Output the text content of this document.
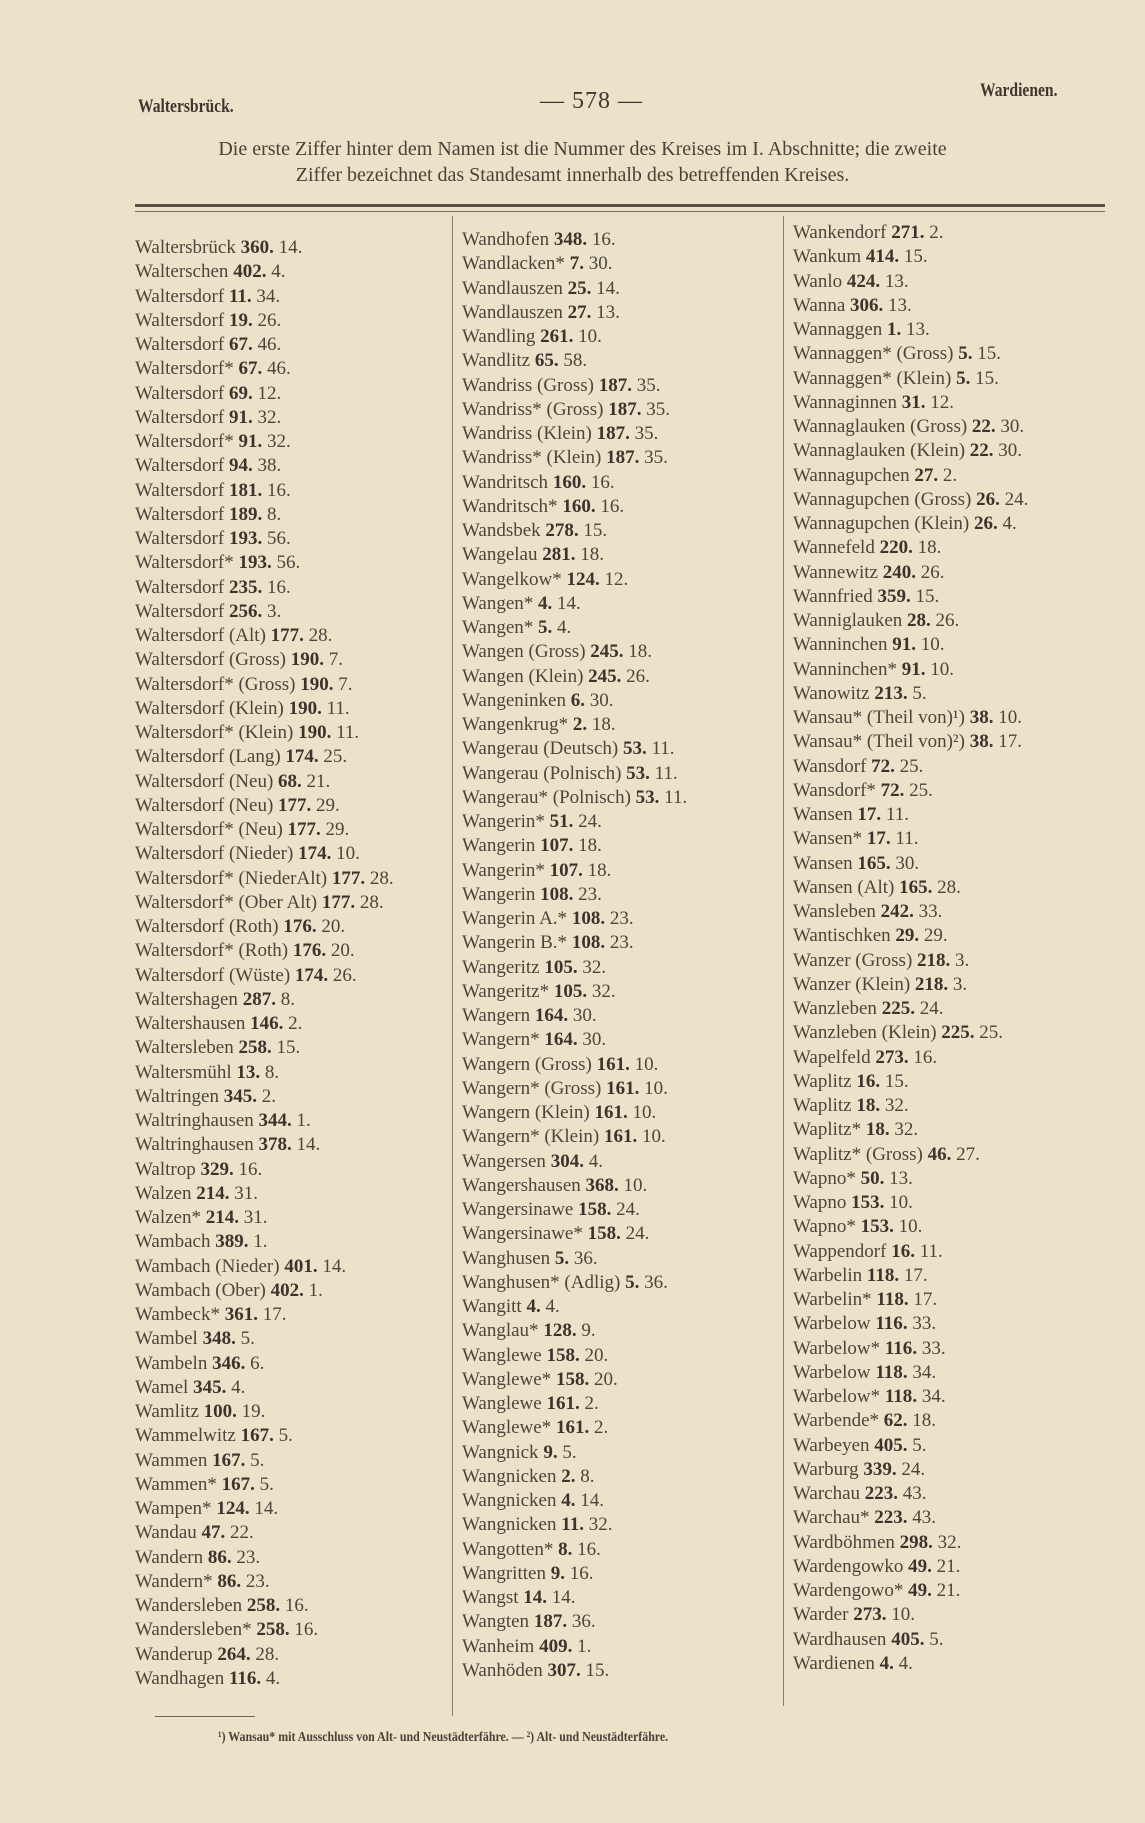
Waltersbrück.	— 578 —	Wardienen.
Die erste Ziffer hinter dem Namen ist die Nummer des Kreises im I. Abschnitte; die zweite
Ziffer bezeichnet das Standesamt innerhalb des betreffenden Kreises.
Waltersbrück 360 . 14 .
Walterschen 402 . 4 .
Waltersdorf 11 . 34 .
Waltersdorf 19 . 26 .
Waltersdorf 67 . 46 .
Waltersdorf* 67 . 46 .
Waltersdorf 69 . 12 .
Waltersdorf 91 . 32 .
Waltersdorf* 91 . 32 .
Waltersdorf 94 . 38 .
Waltersdorf 181 . 16 .
Waltersdorf 189 . 8 .
Waltersdorf 193 . 56 .
Waltersdorf* 193 . 56 .
Waltersdorf 235 . 16 .
Waltersdorf 256 . 3 .
Waltersdorf (Alt) 177 . 28 .
Waltersdorf (Gross) 190 . 7 .
Waltersdorf* (Gross) 190 . 7 .
Waltersdorf (Klein) 190 . 11 .
Waltersdorf* (Klein) 190 . 11 .
Waltersdorf (Lang) 174 . 25 .
Waltersdorf (Neu) 68 . 21 .
Waltersdorf (Neu) 177 . 29 .
Waltersdorf* (Neu) 177 . 29 .
Waltersdorf (Nieder) 174 . 10 .
Waltersdorf* (NiederAlt) 177 . 28 .
Waltersdorf* (Ober Alt) 177 . 28 .
Waltersdorf (Roth) 176 . 20 .
Waltersdorf* (Roth) 176 . 20 .
Waltersdorf (Wüste) 174 . 26 .
Waltershagen 287 . 8 .
Waltershausen 146 . 2 .
Waltersleben 258 . 15 .
Waltersmühl 13 . 8 .
Waltringen 345 . 2 .
Waltringhausen 344 . 1 .
Waltringhausen 378 . 14 .
Waltrop 329 . 16 .
Walzen 214 . 31 .
Walzen* 214 . 31 .
Wambach 389 . 1 .
Wambach (Nieder) 401 . 14 .
Wambach (Ober) 402 . 1 .
Wambeck* 361 . 17 .
Wambel 348 . 5 .
Wambeln 346 . 6 .
Wamel 345 . 4 .
Wamlitz 100 . 19 .
Wammelwitz 167 . 5 .
Wammen 167 . 5 .
Wammen* 167 . 5 .
Wampen* 124 . 14 .
Wandau 47 . 22 .
Wandern 86 . 23 .
Wandern* 86 . 23 .
Wandersleben 258 . 16 .
Wandersleben* 258 . 16 .
Wanderup 264 . 28 .
Wandhagen 116 . 4 .
Wandhofen 348 . 16 .
Wandlacken* 7 . 30 .
Wandlauszen 25 . 14 .
Wandlauszen 27 . 13 .
Wandling 261 . 10 .
Wandlitz 65 . 58 .
Wandriss (Gross) 187 . 35 .
Wandriss* (Gross) 187 . 35 .
Wandriss (Klein) 187 . 35 .
Wandriss* (Klein) 187 . 35 .
Wandritsch 160 . 16 .
Wandritsch* 160 . 16 .
Wandsbek 278 . 15 .
Wangelau 281 . 18 .
Wangelkow* 124 . 12 .
Wangen* 4 . 14 .
Wangen* 5 . 4 .
Wangen (Gross) 245 . 18 .
Wangen (Klein) 245 . 26 .
Wangeninken 6 . 30 .
Wangenkrug* 2 . 18 .
Wangerau (Deutsch) 53 . 11 .
Wangerau (Polnisch) 53 . 11 .
Wangerau* (Polnisch) 53 . 11 .
Wangerin* 51 . 24 .
Wangerin 107 . 18 .
Wangerin* 107 . 18 .
Wangerin 108 . 23 .
Wangerin A.* 108 . 23 .
Wangerin B.* 108 . 23 .
Wangeritz 105 . 32 .
Wangeritz* 105 . 32 .
Wangern 164 . 30 .
Wangern* 164 . 30 .
Wangern (Gross) 161 . 10 .
Wangern* (Gross) 161 . 10 .
Wangern (Klein) 161 . 10 .
Wangern* (Klein) 161 . 10 .
Wangersen 304 . 4 .
Wangershausen 368 . 10 .
Wangersinawe 158 . 24 .
Wangersinawe* 158 . 24 .
Wanghusen 5 . 36 .
Wanghusen* (Adlig) 5 . 36 .
Wangitt 4 . 4 .
Wanglau* 128 . 9 .
Wanglewe 158 . 20 .
Wanglewe* 158 . 20 .
Wanglewe 161 . 2 .
Wanglewe* 161 . 2 .
Wangnick 9 . 5 .
Wangnicken 2 . 8 .
Wangnicken 4 . 14 .
Wangnicken 11 . 32 .
Wangotten* 8 . 16 .
Wangritten 9 . 16 .
Wangst 14 . 14 .
Wangten 187 . 36 .
Wanheim 409 . 1 .
Wanhöden 307 . 15 .
Wankendorf 271 . 2 .
Wankum 414 . 15 .
Wanlo 424 . 13 .
Wanna 306 . 13 .
Wannaggen 1 . 13 .
Wannaggen* (Gross) 5 . 15 .
Wannaggen* (Klein) 5 . 15 .
Wannaginnen 31 . 12 .
Wannaglauken (Gross) 22 . 30 .
Wannaglauken (Klein) 22 . 30 .
Wannagupchen 27 . 2 .
Wannagupchen (Gross) 26 . 24 .
Wannagupchen (Klein) 26 . 4 .
Wannefeld 220 . 18 .
Wannewitz 240 . 26 .
Wannfried 359 . 15 .
Wanniglauken 28 . 26 .
Wanninchen 91 . 10 .
Wanninchen* 91 . 10 .
Wanowitz 213 . 5 .
Wansau* (Theil von)¹) 38 . 10 .
Wansau* (Theil von)²) 38 . 17 .
Wansdorf 72 . 25 .
Wansdorf* 72 . 25 .
Wansen 17 . 11 .
Wansen* 17 . 11 .
Wansen 165 . 30 .
Wansen (Alt) 165 . 28 .
Wansleben 242 . 33 .
Wantischken 29 . 29 .
Wanzer (Gross) 218 . 3 .
Wanzer (Klein) 218 . 3 .
Wanzleben 225 . 24 .
Wanzleben (Klein) 225 . 25 .
Wapelfeld 273 . 16 .
Waplitz 16 . 15 .
Waplitz 18 . 32 .
Waplitz* 18 . 32 .
Waplitz* (Gross) 46 . 27 .
Wapno* 50 . 13 .
Wapno 153 . 10 .
Wapno* 153 . 10 .
Wappendorf 16 . 11 .
Warbelin 118 . 17 .
Warbelin* 118 . 17 .
Warbelow 116 . 33 .
Warbelow* 116 . 33 .
Warbelow 118 . 34 .
Warbelow* 118 . 34 .
Warbende* 62 . 18 .
Warbeyen 405 . 5 .
Warburg 339 . 24 .
Warchau 223 . 43 .
Warchau* 223 . 43 .
Wardböhmen 298 . 32 .
Wardengowko 49 . 21 .
Wardengowo* 49 . 21 .
Warder 273 . 10 .
Wardhausen 405 . 5 .
Wardienen 4 . 4 .
¹) Wansau* mit Ausschluss von Alt- und Neustädterfähre. — ²) Alt- und Neustädterfähre.
